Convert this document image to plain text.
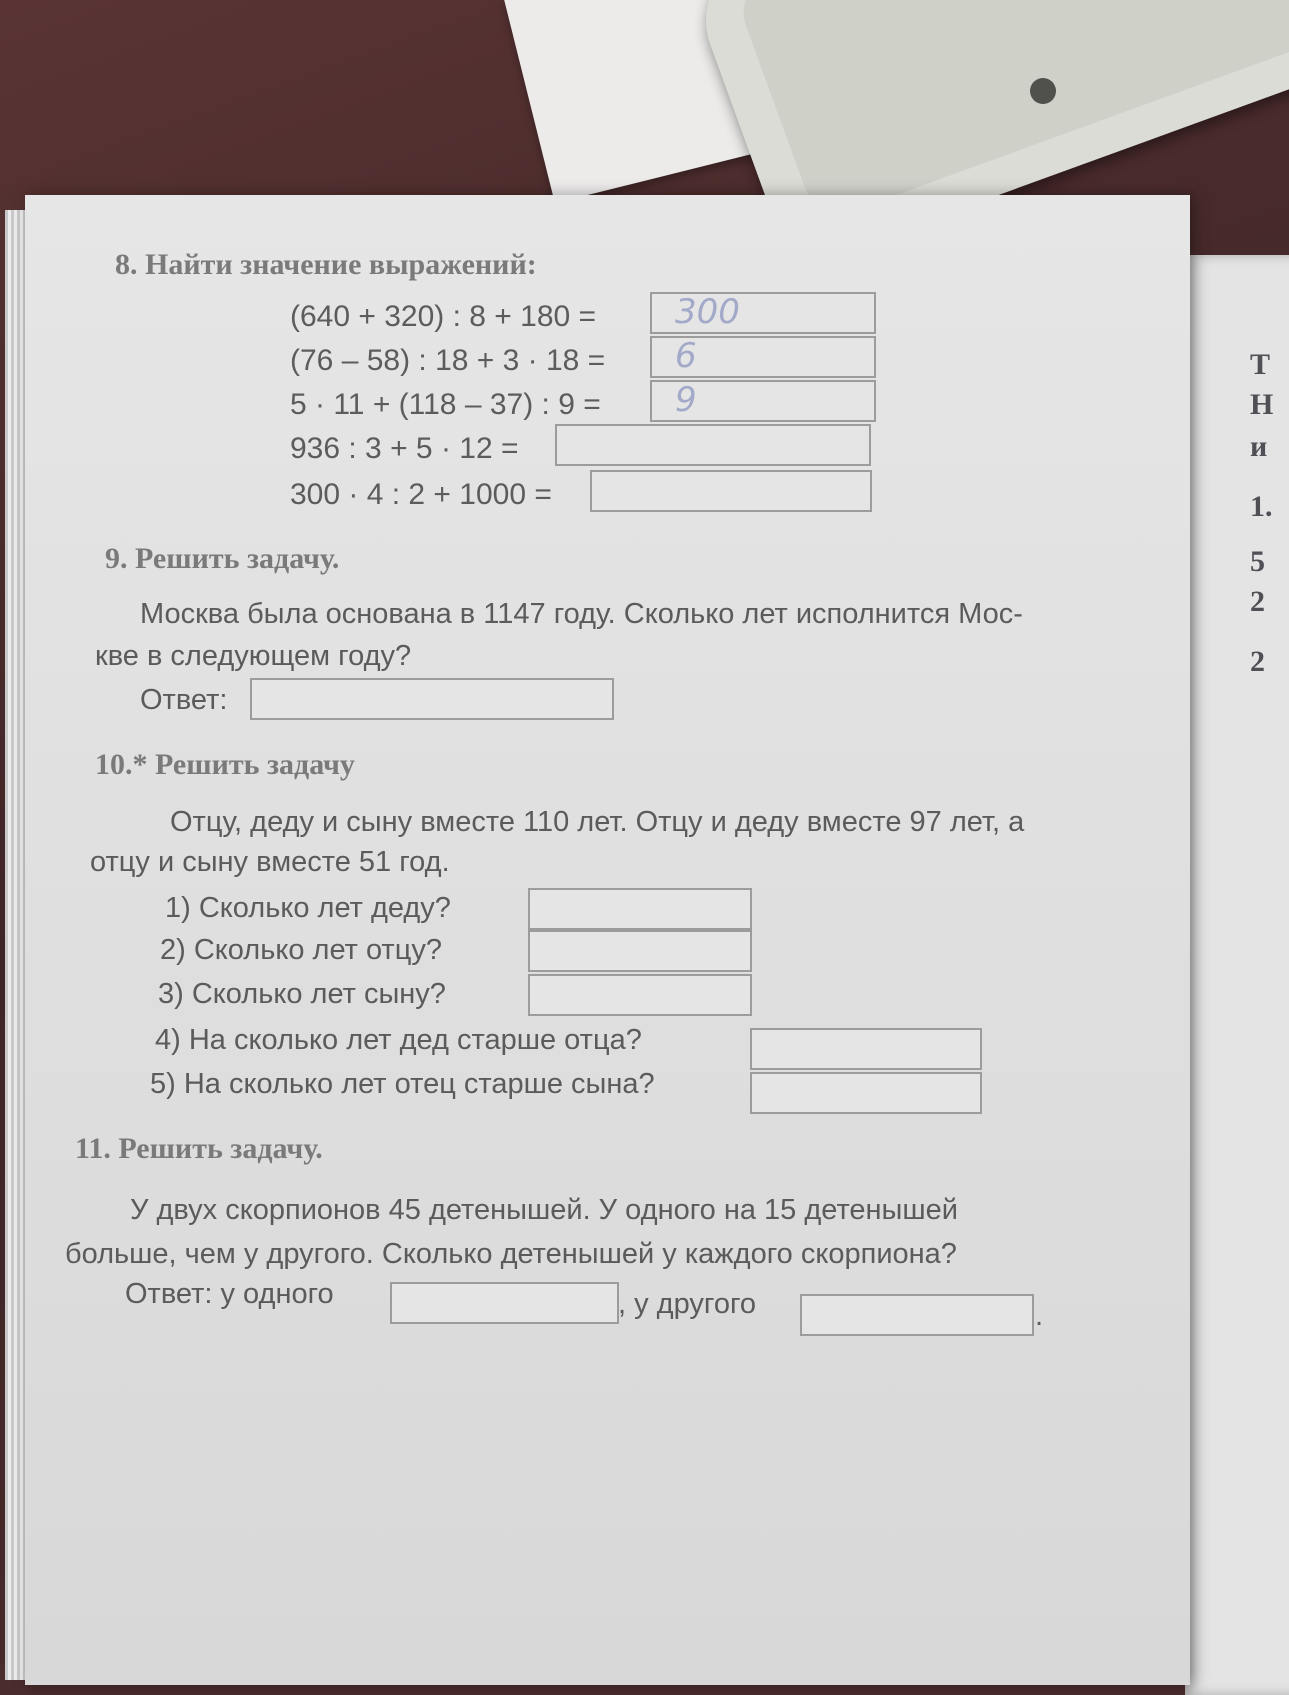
Т
Н
и
1.
5
2
2
8. Найти значение выражений:
(640 + 320) : 8 + 180 = 300
(76 – 58) : 18 + 3 · 18 = 6
5 · 11 + (118 – 37) : 9 = 9
936 : 3 + 5 · 12 =
300 · 4 : 2 + 1000 =
9. Решить задачу.
Москва была основана в 1147 году. Сколько лет исполнится Мос-
кве в следующем году?
Ответ:
10.* Решить задачу
Отцу, деду и сыну вместе 110 лет. Отцу и деду вместе 97 лет, а
отцу и сыну вместе 51 год.
1) Сколько лет деду?
2) Сколько лет отцу?
3) Сколько лет сыну?
4) На сколько лет дед старше отца?
5) На сколько лет отец старше сына?
11. Решить задачу.
У двух скорпионов 45 детенышей. У одного на 15 детенышей
больше, чем у другого. Сколько детенышей у каждого скорпиона?
Ответ: у одного	, у другого	.
